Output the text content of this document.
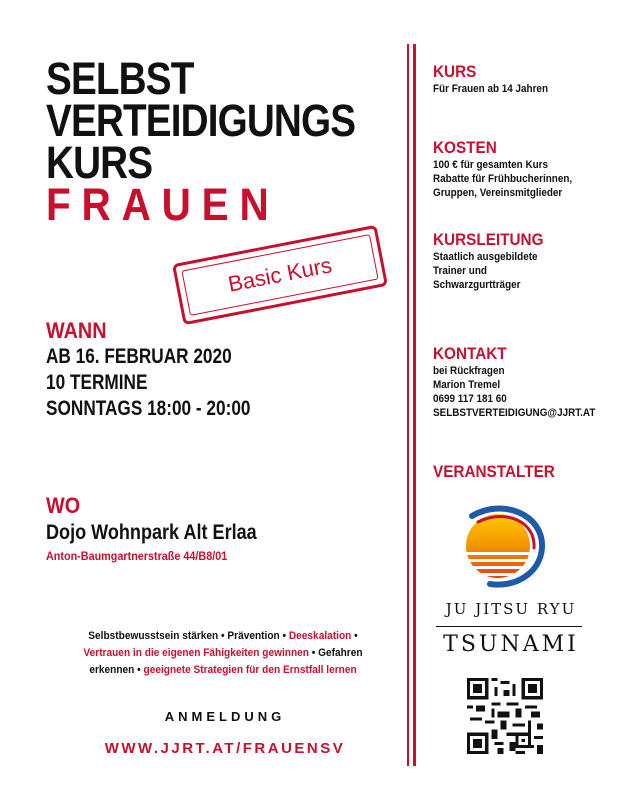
SELBST
VERTEIDIGUNGS
KURS
FRAUEN
Basic Kurs
WANN
AB 16. FEBRUAR 2020
10 TERMINE
SONNTAGS 18:00 - 20:00
WO
Dojo Wohnpark Alt Erlaa
Anton-Baumgartnerstraße 44/B8/01
Selbstbewusstsein stärken • Prävention • Deeskalation •
Vertrauen in die eigenen Fähigkeiten gewinnen • Gefahren
erkennen • geeignete Strategien für den Ernstfall lernen
ANMELDUNG
WWW.JJRT.AT/FRAUENSV
KURS
Für Frauen ab 14 Jahren
KOSTEN
100 € für gesamten Kurs
Rabatte für Frühbucherinnen,
Gruppen, Vereinsmitglieder
KURSLEITUNG
Staatlich ausgebildete
Trainer und
Schwarzgurtträger
KONTAKT
bei Rückfragen
Marion Tremel
0699 117 181 60
SELBSTVERTEIDIGUNG@JJRT.AT
VERANSTALTER
JU JITSU RYU
TSUNAMI
